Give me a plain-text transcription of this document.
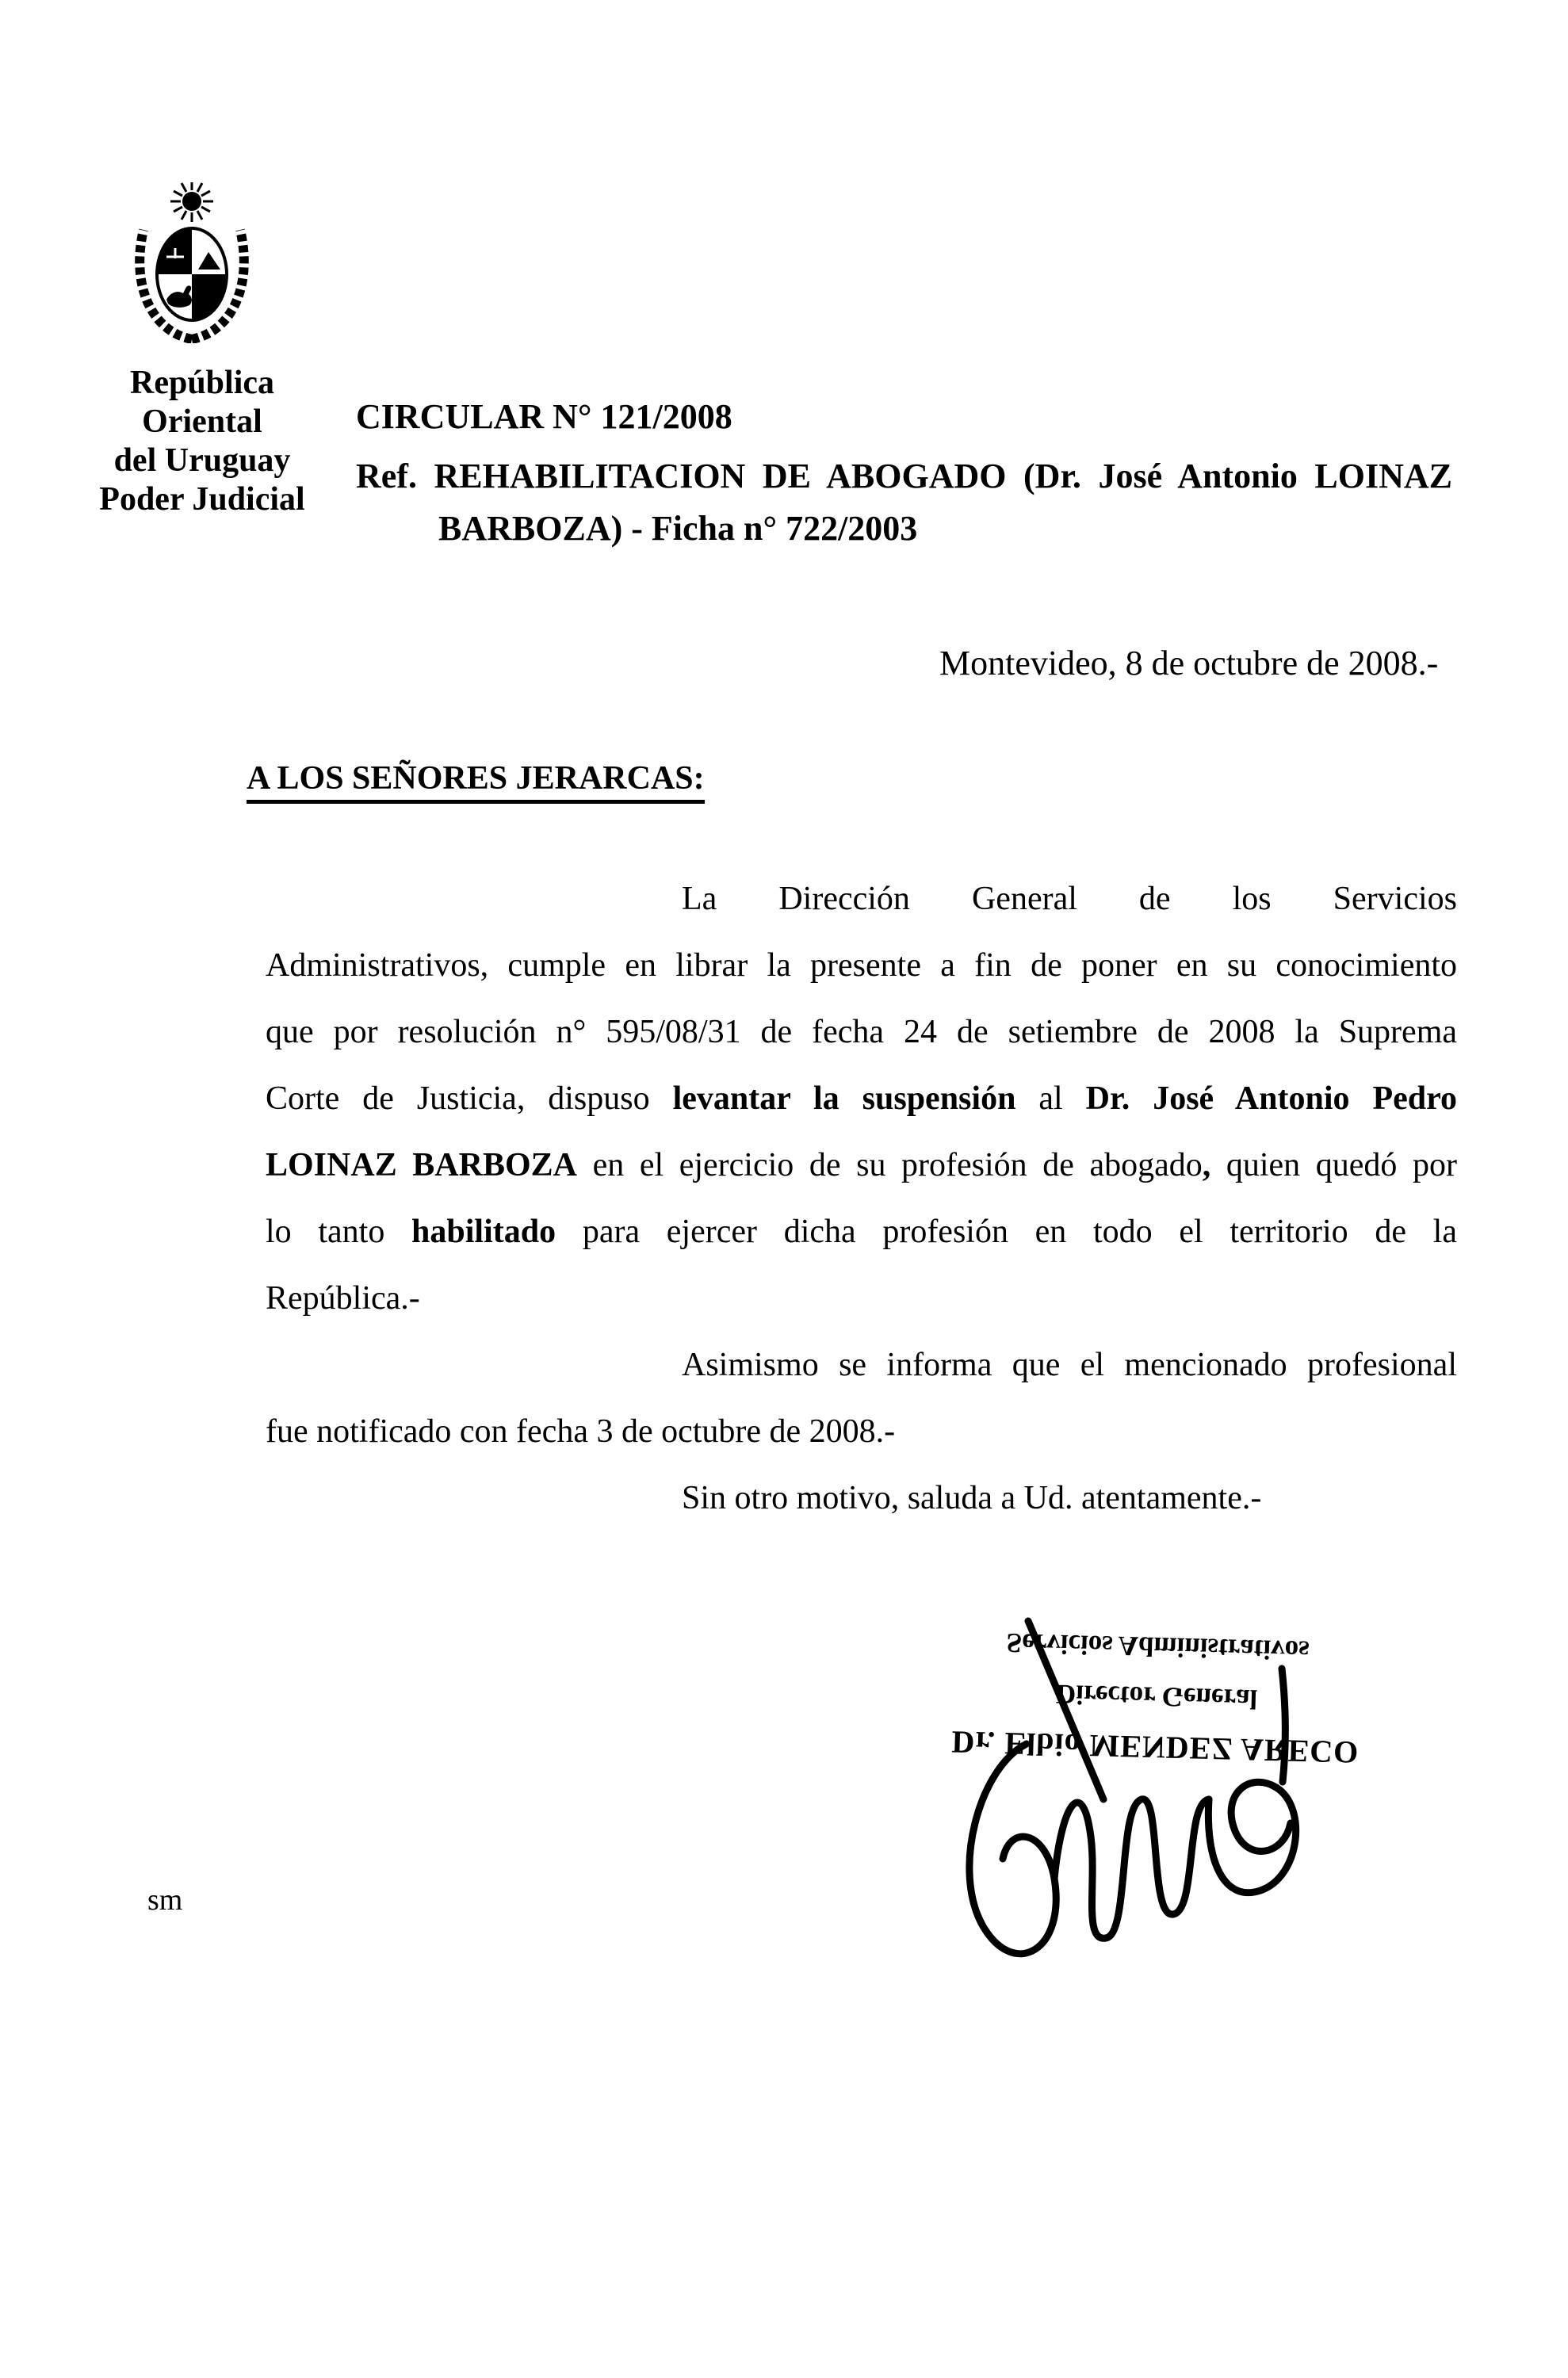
República
Oriental
del Uruguay
Poder Judicial
CIRCULAR N° 121/2008
Ref. REHABILITACION DE ABOGADO (Dr. José Antonio LOINAZ
BARBOZA) - Ficha n° 722/2003
Montevideo, 8 de octubre de 2008.-
A LOS SEÑORES JERARCAS:
La Dirección General de los Servicios
Administrativos, cumple en librar la presente a fin de poner en su conocimiento
que por resolución n° 595/08/31 de fecha 24 de setiembre de 2008 la Suprema
Corte de Justicia, dispuso levantar la suspensión al Dr. José Antonio Pedro
LOINAZ BARBOZA en el ejercicio de su profesión de abogado, quien quedó por
lo tanto habilitado para ejercer dicha profesión en todo el territorio de la
República.-
Asimismo se informa que el mencionado profesional
fue notificado con fecha 3 de octubre de 2008.-
Sin otro motivo, saluda a Ud. atentamente.-
Servicios Administrativos
Director General
Dr. Elbio MENDEZ ARECO
sm
